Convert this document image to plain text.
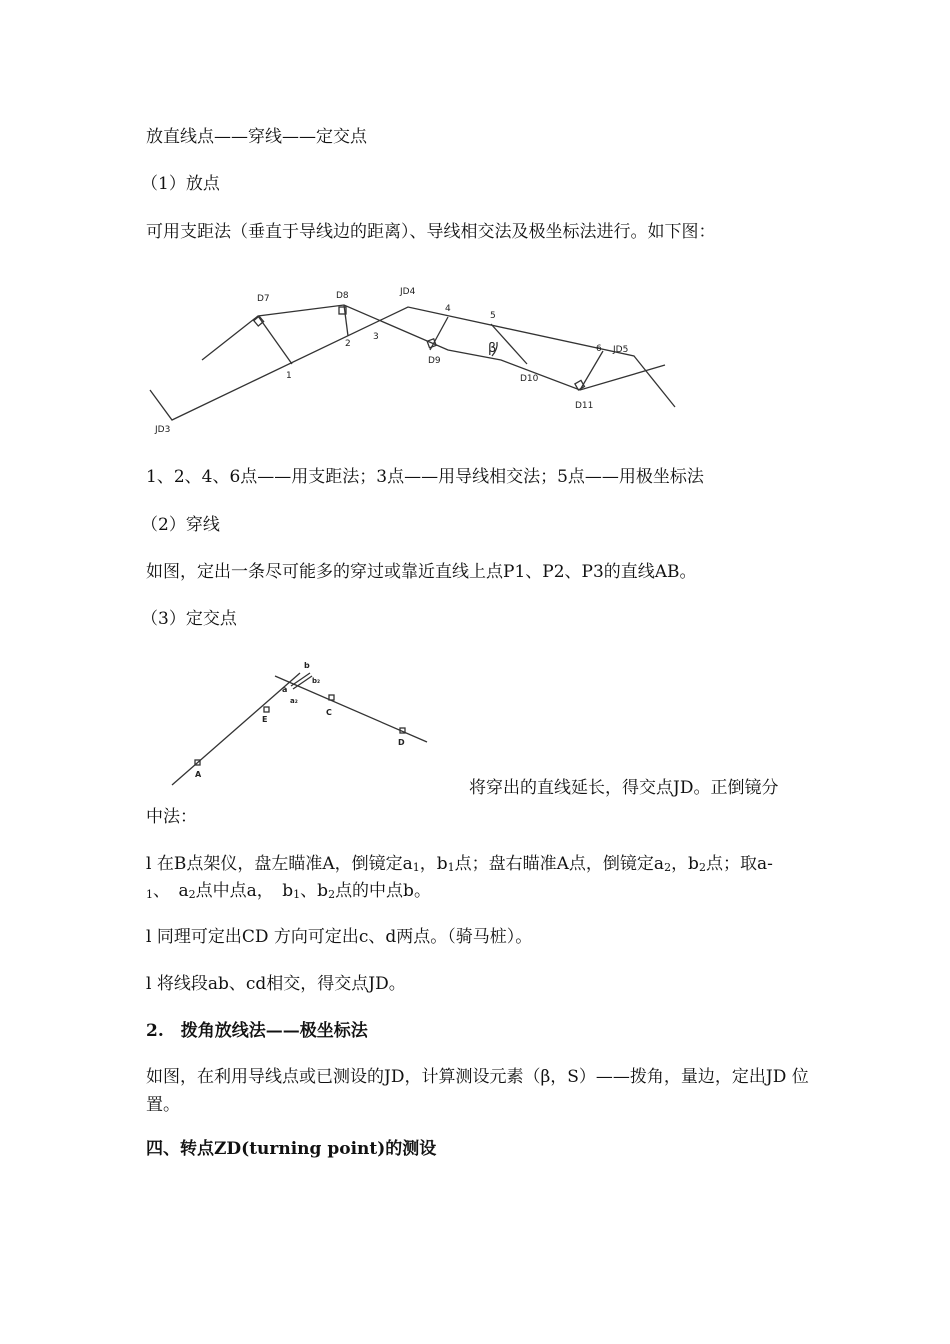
放直线点——穿线——定交点
（1）放点
可用支距法（垂直于导线边的距离）、导线相交法及极坐标法进行。如下图：
JD3
JD4
JD5
D7	D8
D9
D10
D11
1
2
3
4
5
6
β
1、2、4、6点——用支距法；3点——用导线相交法；5点——用极坐标法
（2）穿线
如图，定出一条尽可能多的穿过或靠近直线上点P1、P2、P3的直线AB。
（3）定交点
b
b₂
a
a₂
E
C
D
A
将穿出的直线延长，得交点JD。正倒镜分
中法：
l 在B点架仪，盘左瞄准A，倒镜定$a_1$，$b_1$点；盘右瞄准A点，倒镜定$a_2$，$b_2$点；取a-
$_1$、　$a_2$点中点a，　$b_1$、$b_2$点的中点b。
l 同理可定出CD 方向可定出c、d两点。（骑马桩）。
l 将线段ab、cd相交，得交点JD。
2.　拨角放线法——极坐标法
如图，在利用导线点或已测设的JD，计算测设元素（β，S）——拨角，量边，定出JD 位置。
四、转点ZD(turning point)的测设
